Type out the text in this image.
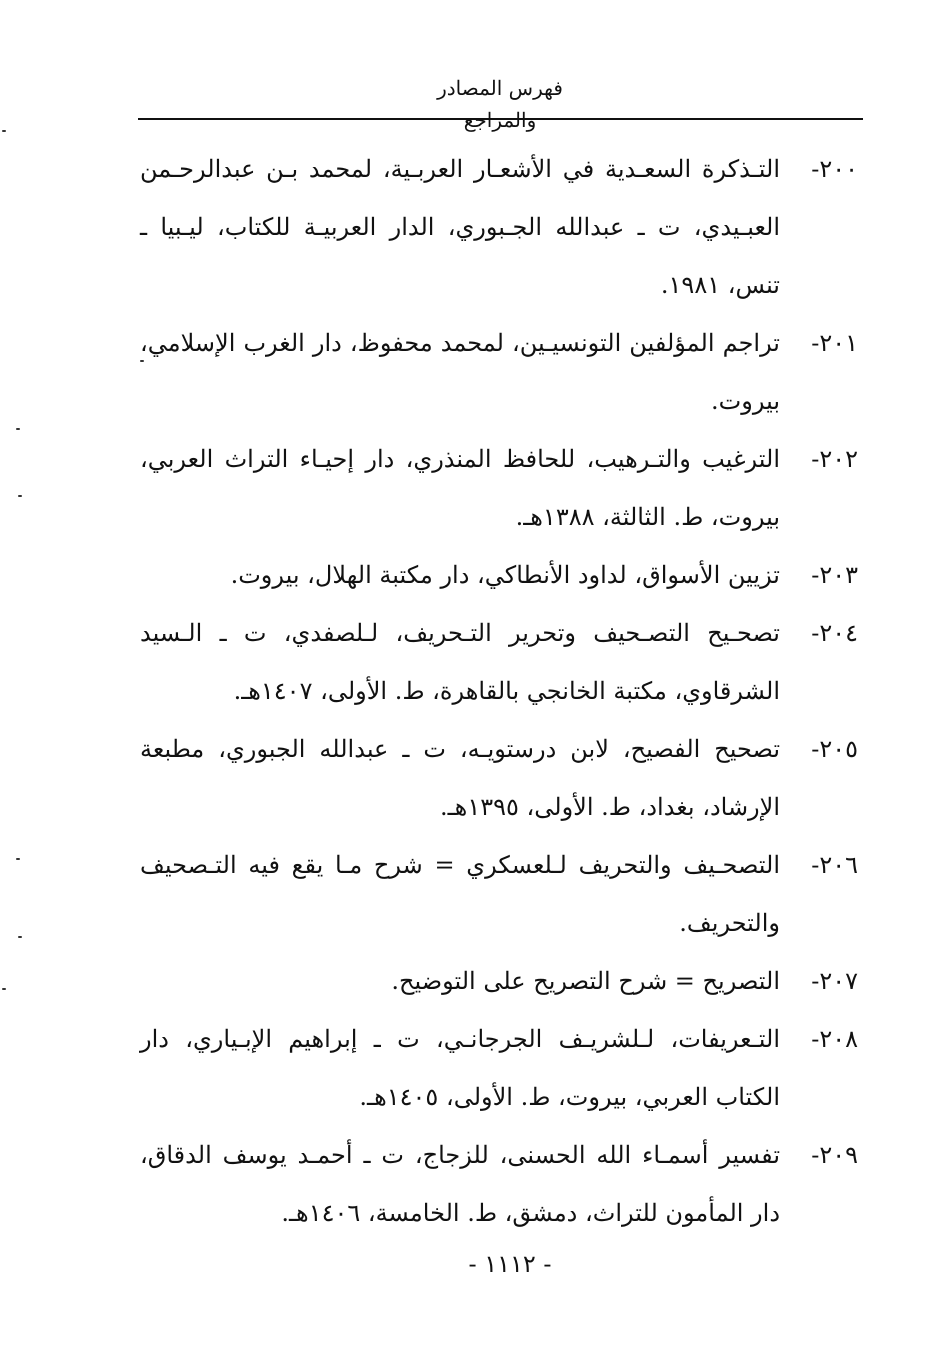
فهرس المصادر والمراجع
٢٠٠-
التـذكرة السعـدية في الأشعـار العربـية، لمحمد بـن عبدالرحـمن العبـيدي، ت ـ عبدالله الجـبوري، الدار العربيـة للكتاب، ليـبيا ـ تنس، ١٩٨١.
٢٠١-
تراجم المؤلفين التونسيـين، لمحمد محفوظ، دار الغرب الإسلامي، بيروت.
٢٠٢-
الترغيب والتـرهيب، للحافظ المنذري، دار إحيـاء التراث العربي، بيروت، ط. الثالثة، ١٣٨٨هـ.
٢٠٣-
تزيين الأسواق، لداود الأنطاكي، دار مكتبة الهلال، بيروت.
٢٠٤-
تصحـيح التصـحيف وتحرير التـحريف، لـلصفدي، ت ـ الـسيد الشرقاوي، مكتبة الخانجي بالقاهرة، ط. الأولى، ١٤٠٧هـ.
٢٠٥-
تصحيح الفصيح، لابن درستويـه، ت ـ عبدالله الجبوري، مطبعة الإرشاد، بغداد، ط. الأولى، ١٣٩٥هـ.
٢٠٦-
التصحـيف والتحريف لـلعسكري = شرح مـا يقع فيه التـصحيف والتحريف.
٢٠٧-
التصريح = شرح التصريح على التوضيح.
٢٠٨-
التـعريفات، لـلشريـف الجرجانـي، ت ـ إبراهيم الإبـياري، دار الكتاب العربي، بيروت، ط. الأولى، ١٤٠٥هـ.
٢٠٩-
تفسير أسمـاء الله الحسنى، للزجاج، ت ـ أحمـد يوسف الدقاق، دار المأمون للتراث، دمشق، ط. الخامسة، ١٤٠٦هـ.
- ١١١٢ -
